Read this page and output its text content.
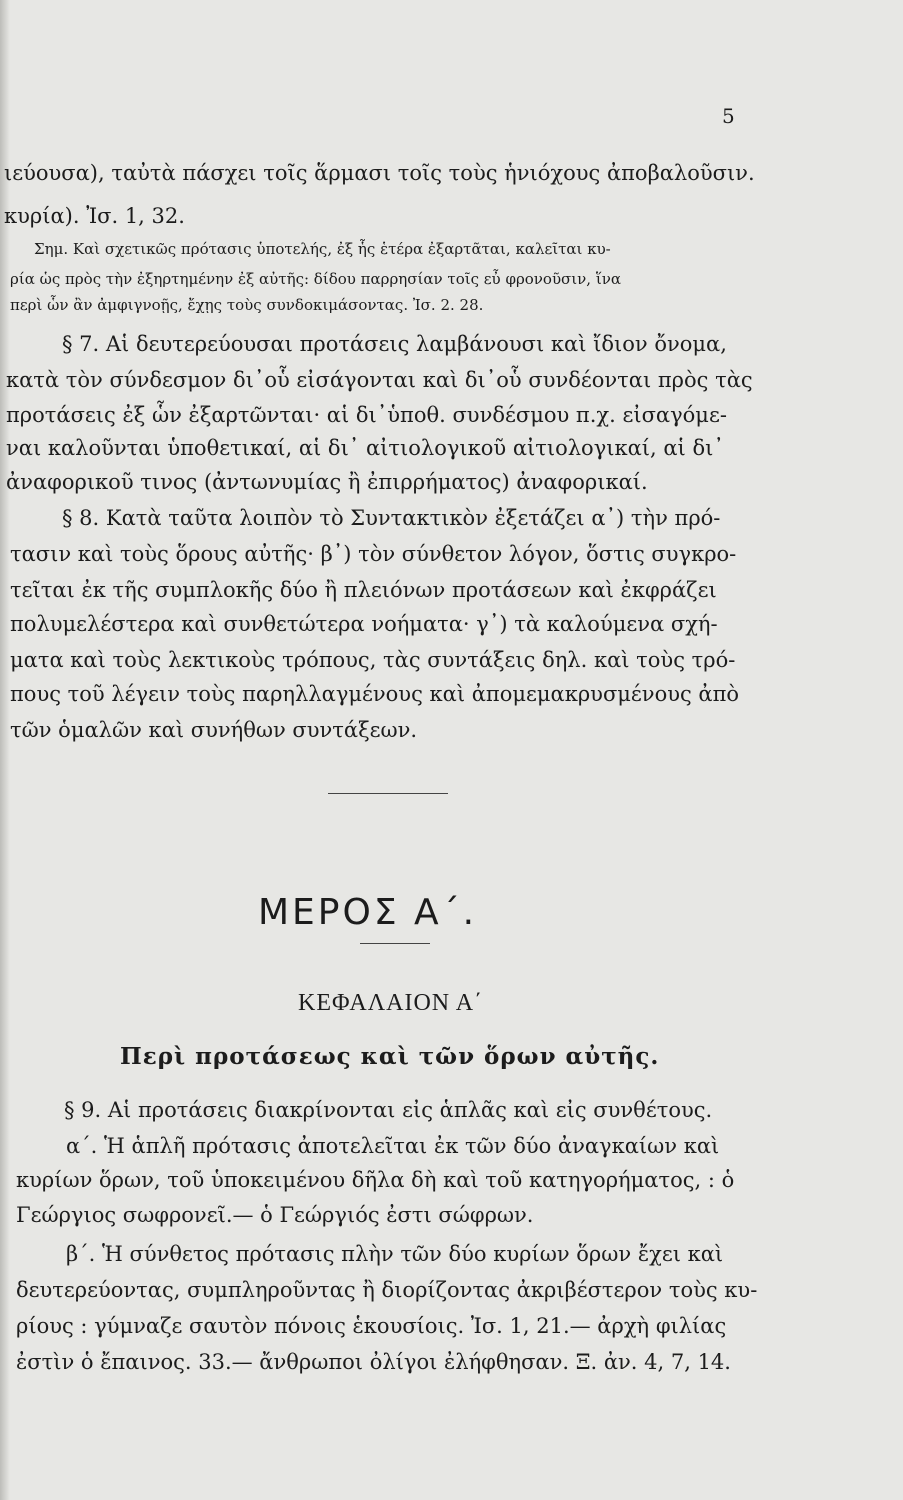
5
ιεύουσα), ταὐτὰ πάσχει τοῖς ἅρμασι τοῖς τοὺς ἡνιόχους ἀποβαλοῦσιν.
κυρία). Ἰσ. 1, 32.
Σημ. Καὶ σχετικῶς πρότασις ὑποτελής, ἐξ ἧς ἑτέρα ἐξαρτᾶται, καλεῖται κυ-
ρία ὡς πρὸς τὴν ἐξηρτημένην ἐξ αὐτῆς: δίδου παρρησίαν τοῖς εὖ φρονοῦσιν, ἵνα
περὶ ὧν ἂν ἀμφιγνοῇς, ἔχῃς τοὺς συνδοκιμάσοντας. Ἰσ. 2. 28.
§ 7. Αἱ δευτερεύουσαι προτάσεις λαμβάνουσι καὶ ἴδιον ὄνομα,
κατὰ τὸν σύνδεσμον δι᾽οὗ εἰσάγονται καὶ δι᾽οὗ συνδέονται πρὸς τὰς
προτάσεις ἐξ ὧν ἐξαρτῶνται· αἱ δι᾽ὑποθ. συνδέσμου π.χ. εἰσαγόμε-
ναι καλοῦνται ὑποθετικαί, αἱ δι᾽ αἰτιολογικοῦ αἰτιολογικαί, αἱ δι᾽
ἀναφορικοῦ τινος (ἀντωνυμίας ἢ ἐπιρρήματος) ἀναφορικαί.
§ 8. Κατὰ ταῦτα λοιπὸν τὸ Συντακτικὸν ἐξετάζει α᾽) τὴν πρό-
τασιν καὶ τοὺς ὅρους αὐτῆς· β᾽) τὸν σύνθετον λόγον, ὅστις συγκρο-
τεῖται ἐκ τῆς συμπλοκῆς δύο ἢ πλειόνων προτάσεων καὶ ἐκφράζει
πολυμελέστερα καὶ συνθετώτερα νοήματα· γ᾽) τὰ καλούμενα σχή-
ματα καὶ τοὺς λεκτικοὺς τρόπους, τὰς συντάξεις δηλ. καὶ τοὺς τρό-
πους τοῦ λέγειν τοὺς παρηλλαγμένους καὶ ἀπομεμακρυσμένους ἀπὸ
τῶν ὁμαλῶν καὶ συνήθων συντάξεων.
ΜΕΡΟΣ Α΄.
ΚΕΦΑΛΑΙΟΝ Α΄
Περὶ προτάσεως καὶ τῶν ὅρων αὐτῆς.
§ 9. Αἱ προτάσεις διακρίνονται εἰς ἁπλᾶς καὶ εἰς συνθέτους.
α΄. Ἡ ἁπλῆ πρότασις ἀποτελεῖται ἐκ τῶν δύο ἀναγκαίων καὶ
κυρίων ὅρων, τοῦ ὑποκειμένου δῆλα δὴ καὶ τοῦ κατηγορήματος, : ὁ
Γεώργιος σωφρονεῖ.— ὁ Γεώργιός ἐστι σώφρων.
β΄. Ἡ σύνθετος πρότασις πλὴν τῶν δύο κυρίων ὅρων ἔχει καὶ
δευτερεύοντας, συμπληροῦντας ἢ διορίζοντας ἀκριβέστερον τοὺς κυ-
ρίους : γύμναζε σαυτὸν πόνοις ἑκουσίοις. Ἰσ. 1, 21.— ἀρχὴ φιλίας
ἐστὶν ὁ ἔπαινος. 33.— ἄνθρωποι ὀλίγοι ἐλήφθησαν. Ξ. ἀν. 4, 7, 14.
